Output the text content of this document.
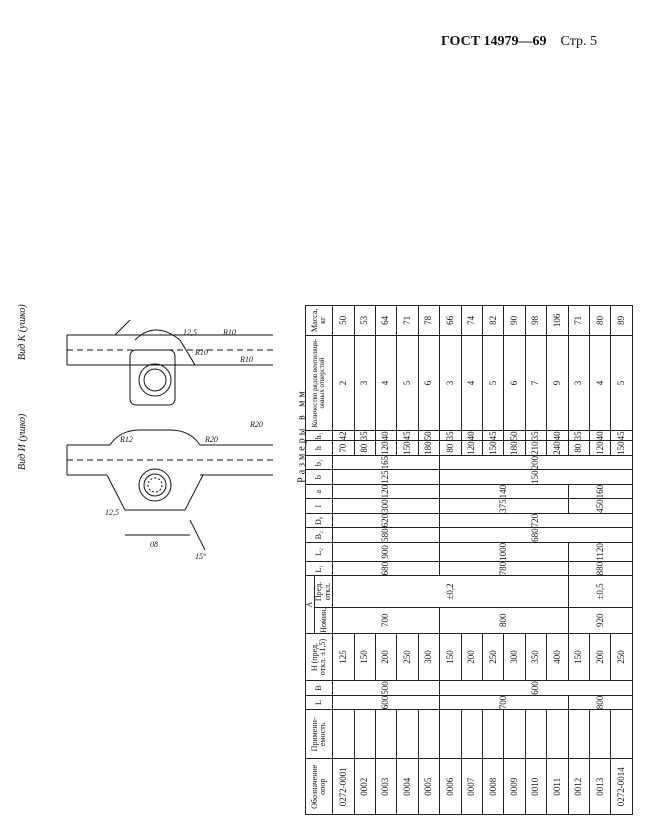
ГОСТ 14979—69 Стр. 5
Вид И (ушко)
Вид К (ушко)
12,5
08
15°
R12	R20
R10
12,5	R10
R10
R20	Размеры в мм
Обозначение опор	Примени- емость	L	B	H (пред. откл. ±1,5)	A		L₁	L₂	B₂	D₀	l	a	b	b₁	h	h₁	Количество рядов вентиляци- онных отверстий	Масса, кг
					Номин.	Пред. откл.												
0272-0001		600	500	125	700	±0,2	680	900	580	620	300	120	125	165	70	42	2	50
0002				150											80	35	3	53
0003				200											120	40	4	64
0004				250											150	45	5	71
0005				300											180	50	6	78
0006		700	600	150	800		780	1000	680	720	375	140	150	200	80	35	3	66
0007				200											120	40	4	74
0008				250											150	45	5	82
0009				300											180	50	6	90
0010				350											210	35	7	98
0011				400											240	40	9	106
0012		800		150	920	±0,5	880	1120			450	160			80	35	3	71
0013				200											120	40	4	80
0272-0014				250											150	45	5	89
